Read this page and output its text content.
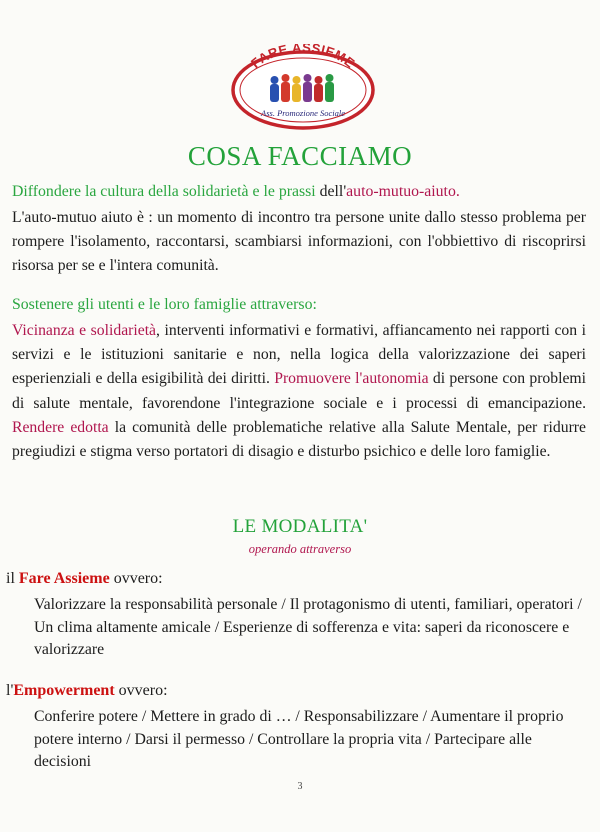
FARE ASSIEME
Ass. Promozione Sociale
COSA FACCIAMO
Diffondere la cultura della solidarietà e le prassi dell'auto-mutuo-aiuto.
L'auto-mutuo aiuto è : un momento di incontro tra persone unite dallo stesso problema per rompere l'isolamento, raccontarsi, scambiarsi informazioni, con l'obbiettivo di riscoprirsi risorsa per se e l'intera comunità.
Sostenere gli utenti e le loro famiglie attraverso:
Vicinanza e solidarietà, interventi informativi e formativi, affiancamento nei rapporti con i servizi e le istituzioni sanitarie e non, nella logica della valorizzazione dei saperi esperienziali e della esigibilità dei diritti. Promuovere l'autonomia di persone con problemi di salute mentale, favorendone l'integrazione sociale e i processi di emancipazione. Rendere edotta la comunità delle problematiche relative alla Salute Mentale, per ridurre pregiudizi e stigma verso portatori di disagio e disturbo psichico e delle loro famiglie.
LE MODALITA'
operando attraverso
il Fare Assieme ovvero:
Valorizzare la responsabilità personale / Il protagonismo di utenti, familiari, operatori / Un clima altamente amicale / Esperienze di sofferenza e vita: saperi da riconoscere e valorizzare
l'Empowerment ovvero:
Conferire potere / Mettere in grado di … / Responsabilizzare / Aumentare il proprio potere interno / Darsi il permesso / Controllare la propria vita / Partecipare alle decisioni
3
